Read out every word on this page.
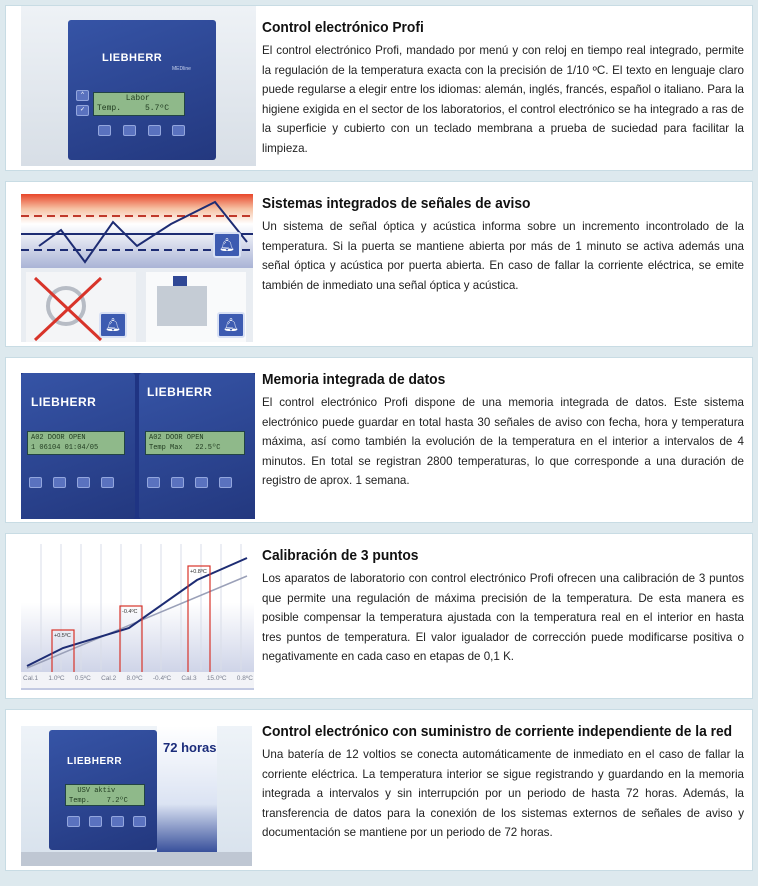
LIEBHERR
MEDline
^
✓
Labor
Temp.     5.7ºC
Control electrónico Profi
El control electrónico Profi, mandado por menú y con reloj en tiempo real integrado, permite la regulación de la temperatura exacta con la precisión de 1/10 ºC. El texto en lenguaje claro puede regularse a elegir entre los idiomas: alemán, inglés, francés, español o italiano. Para la higiene exigida en el sector de los laboratorios, el control electrónico se ha integrado a ras de la superficie y cubierto con un teclado membrana a prueba de suciedad para facilitar la limpieza.
🔔︎
🔔︎	🔔︎
Sistemas integrados de señales de aviso
Un sistema de señal óptica y acústica informa sobre un incremento incontrolado de la temperatura. Si la puerta se mantiene abierta por más de 1 minuto se activa además una señal óptica y acústica por puerta abierta. En caso de fallar la corriente eléctrica, se emite también de inmediato una señal óptica y acústica.
LIEBHERR
A02 DOOR OPEN
1 06104 01:04/05
LIEBHERR
A02 DOOR OPEN
Temp Max   22.5ºC
Memoria integrada de datos
El control electrónico Profi dispone de una memoria integrada de datos. Este sistema electrónico puede guardar en total hasta 30 señales de aviso con fecha, hora y temperatura máxima, así como también la evolución de la temperatura en el interior a intervalos de 4 minutos. En total se registran 2800 temperaturas, lo que corresponde a una duración de registro de aprox. 1 semana.
+0.5ºC
-0.4ºC
+0.8ºC
Cal.1 1.0ºC 0.5ºC Cal.2 8.0ºC -0.4ºC Cal.3 15.0ºC 0.8ºC
Calibración de 3 puntos
Los aparatos de laboratorio con control electrónico Profi ofrecen una calibración de 3 puntos que permite una regulación de máxima precisión de la temperatura. De esta manera es posible compensar la temperatura ajustada con la temperatura real en el interior en hasta tres puntos de temperatura. El valor igualador de corrección puede modificarse positiva o negativamente en cada caso en etapas de 0,1 K.
LIEBHERR
USV aktiv
Temp.    7.2ºC
72 horas
Control electrónico con suministro de corriente independiente de la red
Una batería de 12 voltios se conecta automáticamente de inmediato en el caso de fallar la corriente eléctrica. La temperatura interior se sigue registrando y guardando en la memoria integrada a intervalos y sin interrupción por un periodo de hasta 72 horas. Además, la transferencia de datos para la conexión de los sistemas externos de señales de aviso y documentación se mantiene por un periodo de 72 horas.
